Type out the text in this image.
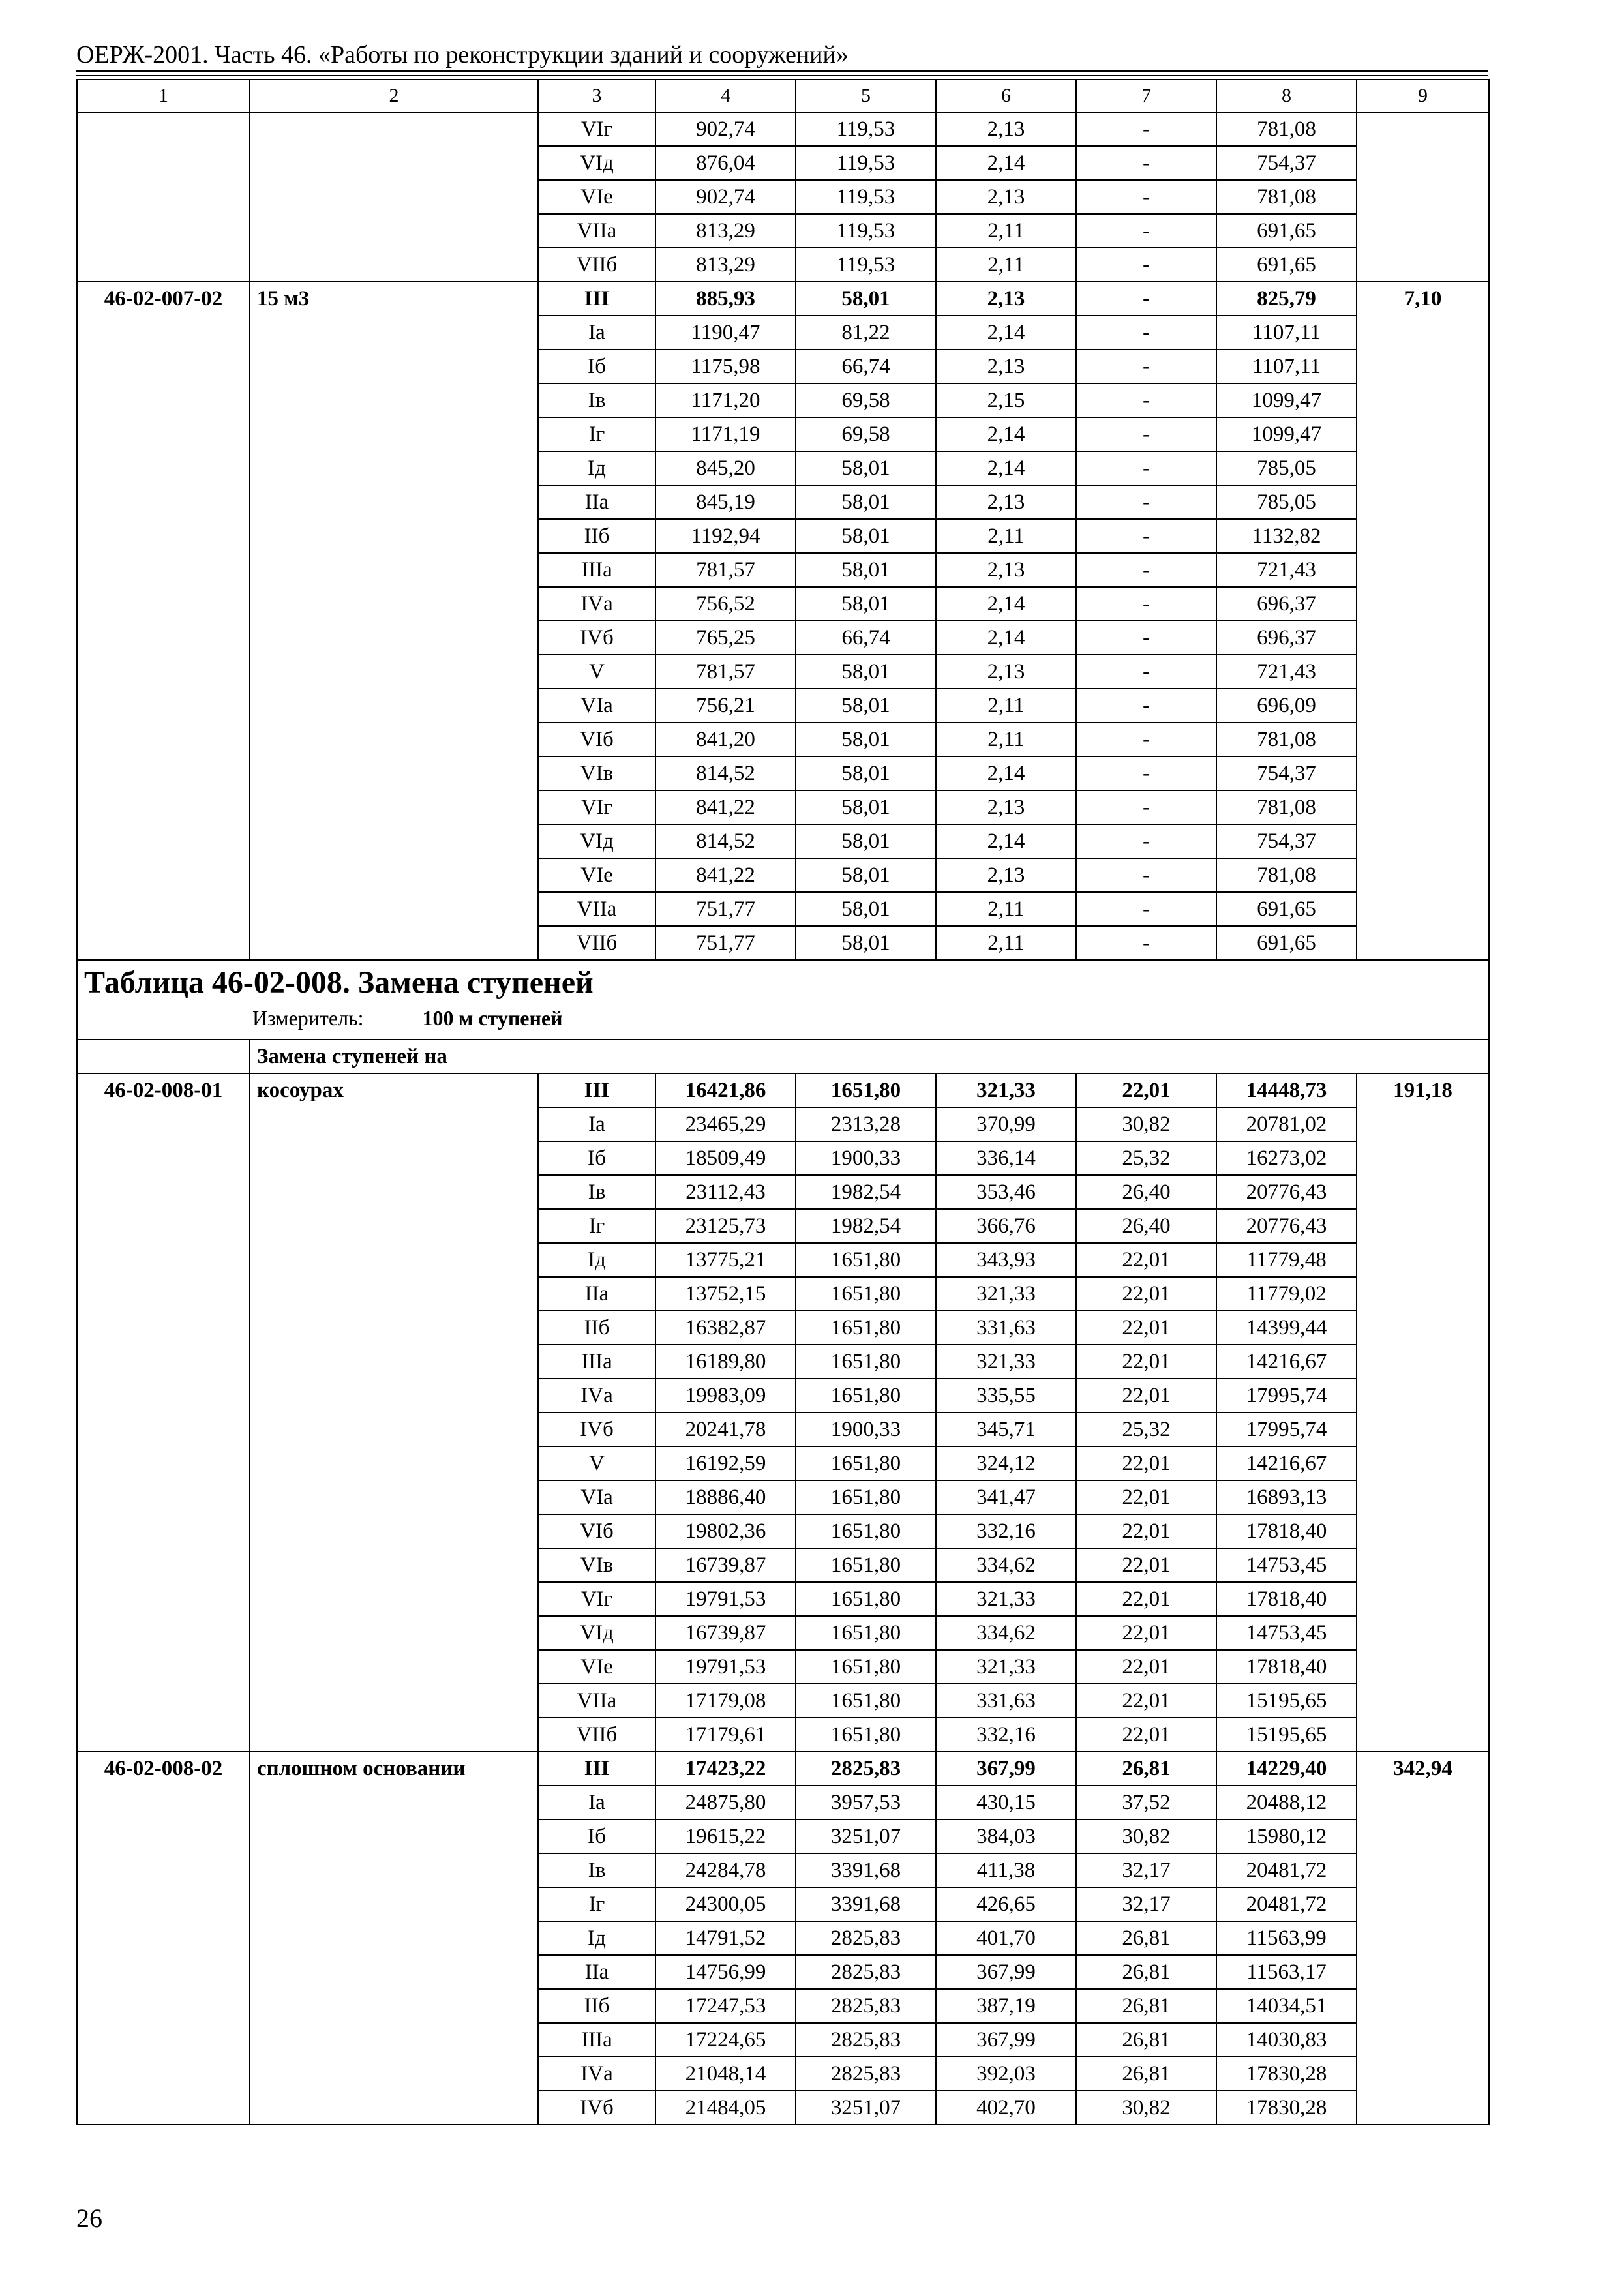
ОЕРЖ-2001. Часть 46. «Работы по реконструкции зданий и сооружений»
1	2	3	4	5	6	7	8	9
		VIг	902,74	119,53	2,13	-	781,08	
		VIд	876,04	119,53	2,14	-	754,37	
		VIе	902,74	119,53	2,13	-	781,08	
		VIIа	813,29	119,53	2,11	-	691,65	
		VIIб	813,29	119,53	2,11	-	691,65	
46-02-007-02	15 м3	III	885,93	58,01	2,13	-	825,79	7,10
		Iа	1190,47	81,22	2,14	-	1107,11	
		Iб	1175,98	66,74	2,13	-	1107,11	
		Iв	1171,20	69,58	2,15	-	1099,47	
		Iг	1171,19	69,58	2,14	-	1099,47	
		Iд	845,20	58,01	2,14	-	785,05	
		IIа	845,19	58,01	2,13	-	785,05	
		IIб	1192,94	58,01	2,11	-	1132,82	
		IIIа	781,57	58,01	2,13	-	721,43	
		IVа	756,52	58,01	2,14	-	696,37	
		IVб	765,25	66,74	2,14	-	696,37	
		V	781,57	58,01	2,13	-	721,43	
		VIа	756,21	58,01	2,11	-	696,09	
		VIб	841,20	58,01	2,11	-	781,08	
		VIв	814,52	58,01	2,14	-	754,37	
		VIг	841,22	58,01	2,13	-	781,08	
		VIд	814,52	58,01	2,14	-	754,37	
		VIе	841,22	58,01	2,13	-	781,08	
		VIIа	751,77	58,01	2,11	-	691,65	
		VIIб	751,77	58,01	2,11	-	691,65	

Таблица 46-02-008. Замена ступеней
Измеритель: 100 м ступеней								

	Замена ступеней на							
46-02-008-01	косоурах	III	16421,86	1651,80	321,33	22,01	14448,73	191,18
		Iа	23465,29	2313,28	370,99	30,82	20781,02	
		Iб	18509,49	1900,33	336,14	25,32	16273,02	
		Iв	23112,43	1982,54	353,46	26,40	20776,43	
		Iг	23125,73	1982,54	366,76	26,40	20776,43	
		Iд	13775,21	1651,80	343,93	22,01	11779,48	
		IIа	13752,15	1651,80	321,33	22,01	11779,02	
		IIб	16382,87	1651,80	331,63	22,01	14399,44	
		IIIа	16189,80	1651,80	321,33	22,01	14216,67	
		IVа	19983,09	1651,80	335,55	22,01	17995,74	
		IVб	20241,78	1900,33	345,71	25,32	17995,74	
		V	16192,59	1651,80	324,12	22,01	14216,67	
		VIа	18886,40	1651,80	341,47	22,01	16893,13	
		VIб	19802,36	1651,80	332,16	22,01	17818,40	
		VIв	16739,87	1651,80	334,62	22,01	14753,45	
		VIг	19791,53	1651,80	321,33	22,01	17818,40	
		VIд	16739,87	1651,80	334,62	22,01	14753,45	
		VIе	19791,53	1651,80	321,33	22,01	17818,40	
		VIIа	17179,08	1651,80	331,63	22,01	15195,65	
		VIIб	17179,61	1651,80	332,16	22,01	15195,65	
46-02-008-02	сплошном основании	III	17423,22	2825,83	367,99	26,81	14229,40	342,94
		Iа	24875,80	3957,53	430,15	37,52	20488,12	
		Iб	19615,22	3251,07	384,03	30,82	15980,12	
		Iв	24284,78	3391,68	411,38	32,17	20481,72	
		Iг	24300,05	3391,68	426,65	32,17	20481,72	
		Iд	14791,52	2825,83	401,70	26,81	11563,99	
		IIа	14756,99	2825,83	367,99	26,81	11563,17	
		IIб	17247,53	2825,83	387,19	26,81	14034,51	
		IIIа	17224,65	2825,83	367,99	26,81	14030,83	
		IVа	21048,14	2825,83	392,03	26,81	17830,28	
		IVб	21484,05	3251,07	402,70	30,82	17830,28	
26
